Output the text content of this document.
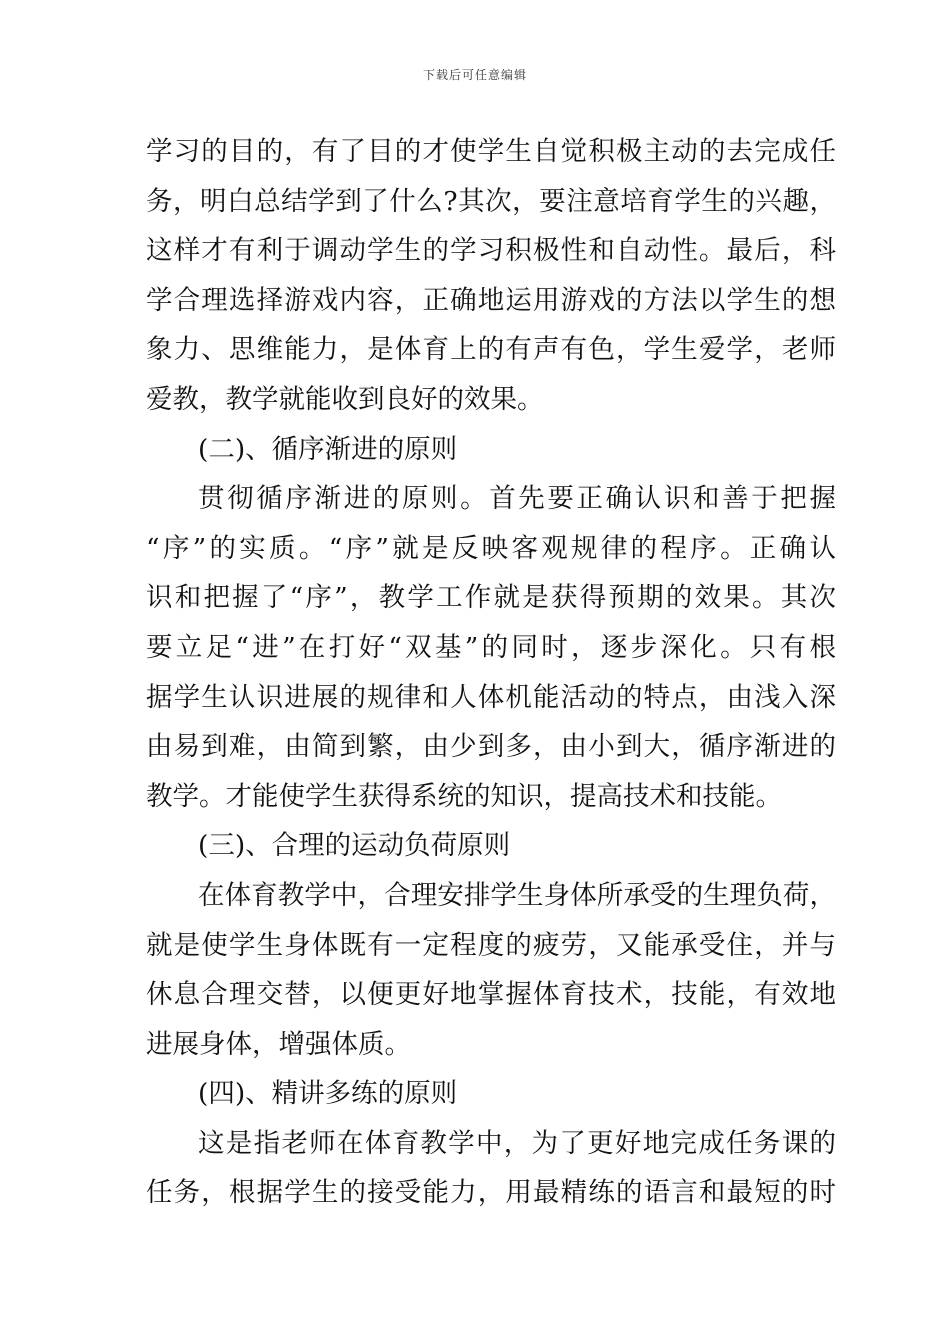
下载后可任意编辑
学习的目的，有了目的才使学生自觉积极主动的去完成任
务，明白总结学到了什么?其次，要注意培育学生的兴趣，
这样才有利于调动学生的学习积极性和自动性。最后，科
学合理选择游戏内容，正确地运用游戏的方法以学生的想
象力、思维能力，是体育上的有声有色，学生爱学，老师
爱教，教学就能收到良好的效果。
(二)、循序渐进的原则
贯彻循序渐进的原则。首先要正确认识和善于把握
“序”的实质。“序”就是反映客观规律的程序。正确认
识和把握了“序”，教学工作就是获得预期的效果。其次
要立足“进”在打好“双基”的同时，逐步深化。只有根
据学生认识进展的规律和人体机能活动的特点，由浅入深
由易到难，由简到繁，由少到多，由小到大，循序渐进的
教学。才能使学生获得系统的知识，提高技术和技能。
(三)、合理的运动负荷原则
在体育教学中，合理安排学生身体所承受的生理负荷，
就是使学生身体既有一定程度的疲劳，又能承受住，并与
休息合理交替，以便更好地掌握体育技术，技能，有效地
进展身体，增强体质。
(四)、精讲多练的原则
这是指老师在体育教学中，为了更好地完成任务课的
任务，根据学生的接受能力，用最精练的语言和最短的时
